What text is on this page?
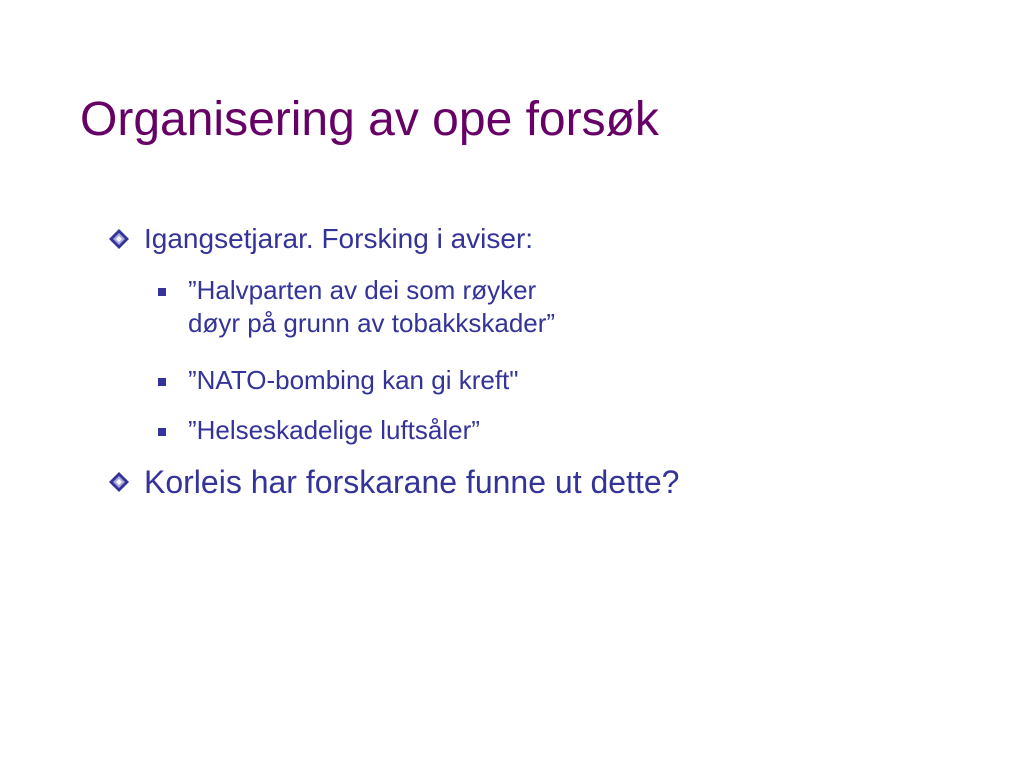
Organisering av ope forsøk
Igangsetjarar. Forsking i aviser:
”Halvparten av dei som røyker
døyr på grunn av tobakkskader”
”NATO-bombing kan gi kreft"
”Helseskadelige luftsåler”
Korleis har forskarane funne ut dette?
